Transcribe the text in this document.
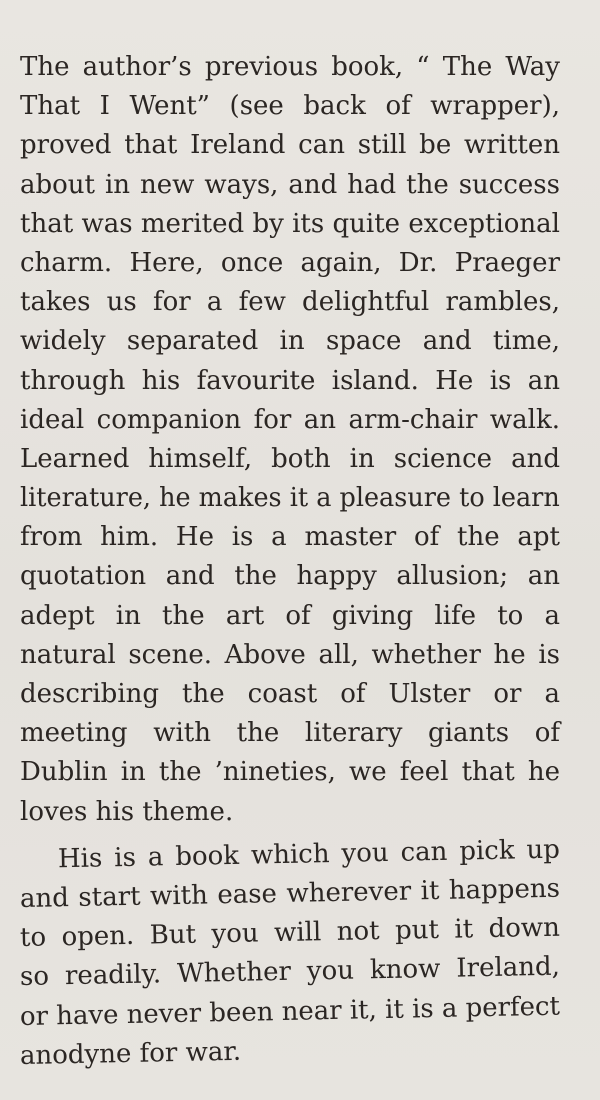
The author’s previous book, “ The Way
That I Went” (see back of wrapper),
proved that Ireland can still be written
about in new ways, and had the success
that was merited by its quite exceptional
charm. Here, once again, Dr. Praeger
takes us for a few delightful rambles,
widely separated in space and time,
through his favourite island. He is an
ideal companion for an arm-chair walk.
Learned himself, both in science and
literature, he makes it a pleasure to learn
from him. He is a master of the apt
quotation and the happy allusion; an
adept in the art of giving life to a
natural scene. Above all, whether he is
describing the coast of Ulster or a
meeting with the literary giants of
Dublin in the ’nineties, we feel that he
loves his theme.
His is a book which you can pick up
and start with ease wherever it happens
to open. But you will not put it down
so readily. Whether you know Ireland,
or have never been near it, it is a perfect
anodyne for war.
